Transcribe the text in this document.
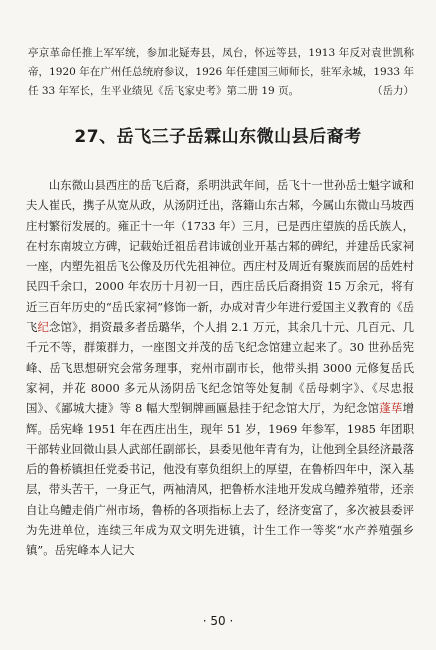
亭京革命任推上军军统，参加北疑寿县，凤台，怀远等县，1913 年反对袁世凯称帝，1920 年在广州任总统府参议，1926 年任建国三师师长，驻军永城，1933 年任 33 年军长，生平业绩见《岳飞家史考》第二册 19 页。	（岳力）
27、岳飞三子岳霖山东微山县后裔考

山东微山县西庄的岳飞后裔，系明洪武年间，岳飞十一世孙岳士魁字诚和夫人崔氏，携子从宽从政，从汤阴迁出，落籍山东古邾，今属山东微山马坡西庄村繁衍发展的。雍正十一年（1733 年）三月，已是西庄望族的岳氏族人，在村东南坡立方碑，记载始迁祖岳君讳诚创业开基古邾的碑纪，并建岳氏家祠一座，内塑先祖岳飞公像及历代先祖神位。西庄村及周近有聚族而居的岳姓村民四千余口，2000 年农历十月初一日，西庄岳氏后裔捐资 15 万余元，将有近三百年历史的“岳氏家祠”修饰一新，办成对青少年进行爱国主义教育的《岳飞纪念馆》，捐资最多者岳璐华，个人捐 2.1 万元，其余几十元、几百元、几千元不等，群策群力，一座图文并茂的岳飞纪念馆建立起来了。30 世孙岳宪峰、岳飞思想研究会常务理事，兖州市副市长，他带头捐 3000 元修复岳氏家祠，并花 8000 多元从汤阴岳飞纪念馆等处复制《岳母刺字》、《尽忠报国》、《鄙城大捷》等 8 幅大型铜牌画匾悬挂于纪念馆大厅，为纪念馆蓬荜增辉。岳宪峰 1951 年在西庄出生，现年 51 岁，1969 年参军，1985 年团职干部转业回微山县人武部任副部长，县委见他年青有为，让他到全县经济最落后的鲁桥镇担任党委书记，他没有辜负组织上的厚望，在鲁桥四年中，深入基层，带头苦干，一身正气，两袖清风，把鲁桥水洼地开发成乌鳢养殖带，还亲自让乌鳢走俏广州市场，鲁桥的各项指标上去了，经济变富了，多次被县委评为先进单位，连续三年成为双文明先进镇，计生工作一等奖“水产养殖强乡镇”。岳宪峰本人记大

· 50 ·
